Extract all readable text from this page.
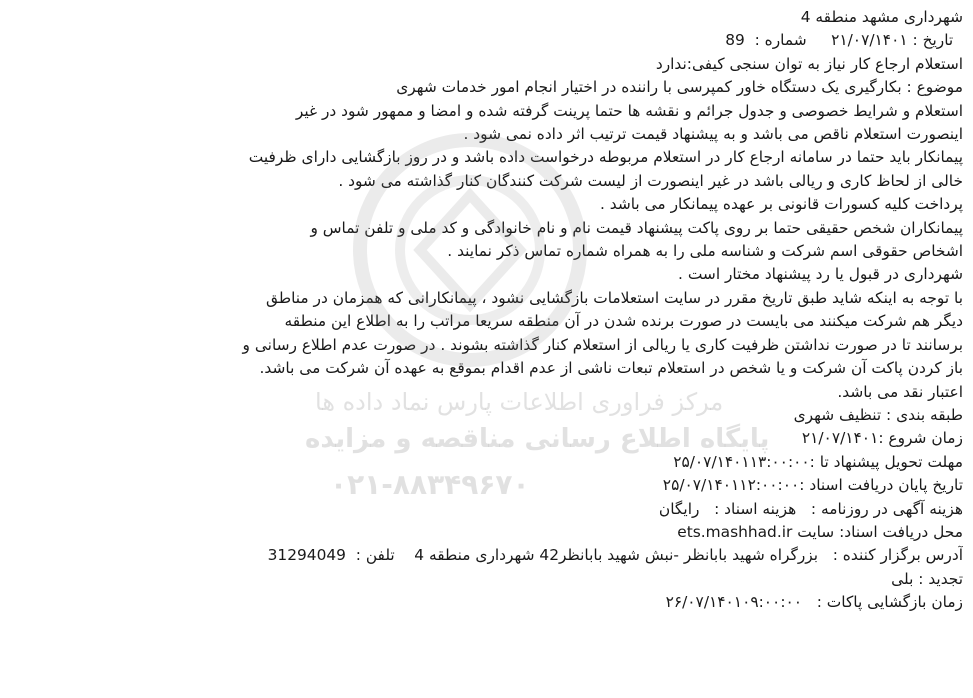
شهرداری مشهد منطقه 4
تاریخ : ۲۱/۰۷/۱۴۰۱     شماره :  89
استعلام ارجاع کار نیاز به توان سنجی کیفی:ندارد
موضوع : بکارگیری یک دستگاه خاور کمپرسی با راننده در اختیار انجام امور خدمات شهری
استعلام و شرایط خصوصی و جدول جرائم و نقشه ها حتما پرینت گرفته شده و امضا و ممهور شود در غیر
اینصورت استعلام ناقص می باشد و به پیشنهاد قیمت ترتیب اثر داده نمی شود .
پیمانکار باید حتما در سامانه ارجاع کار در استعلام مربوطه درخواست داده باشد و در روز بازگشایی دارای ظرفیت
خالی از لحاظ کاری و ریالی باشد در غیر اینصورت از لیست شرکت کنندگان کنار گذاشته می شود .
پرداخت کلیه کسورات قانونی بر عهده پیمانکار می باشد .
پیمانکاران شخص حقیقی حتما بر روی پاکت پیشنهاد قیمت نام و نام خانوادگی و کد ملی و تلفن تماس و
اشخاص حقوقی اسم شرکت و شناسه ملی را به همراه شماره تماس ذکر نمایند .
شهرداری در قبول یا رد پیشنهاد مختار است .
با توجه به اینکه شاید طبق تاریخ مقرر در سایت استعلامات بازگشایی نشود ، پیمانکارانی که همزمان در مناطق
دیگر هم شرکت میکنند می بایست در صورت برنده شدن در آن منطقه سریعا مراتب را به اطلاع این منطقه
برسانند تا در صورت نداشتن ظرفیت کاری یا ریالی از استعلام کنار گذاشته بشوند . در صورت عدم اطلاع رسانی و
باز کردن پاکت آن شرکت و یا شخص در استعلام تبعات ناشی از عدم اقدام بموقع به عهده آن شرکت می باشد.
اعتبار نقد می باشد.
طبقه بندی : تنظیف شهری
زمان شروع :۲۱/۰۷/۱۴۰۱
مهلت تحویل پیشنهاد تا :۲۵/۰۷/۱۴۰۱۱۳:۰۰:۰۰
تاریخ پایان دریافت اسناد :۲۵/۰۷/۱۴۰۱۱۲:۰۰:۰۰
هزینه آگهی در روزنامه :   هزینه اسناد :   رایگان
محل دریافت اسناد: سایت ets.mashhad.ir
آدرس برگزار کننده :   بزرگراه شهید بابانظر -نبش شهید بابانظر42 شهرداری منطقه 4    تلفن :  31294049
تجدید : بلی
زمان بازگشایی پاکات :   ۲۶/۰۷/۱۴۰۱۰۹:۰۰:۰۰
مرکز فراوری اطلاعات پارس نماد داده ها
پایگاه اطلاع رسانی مناقصه و مزایده
۰۲۱-۸۸۳۴۹۶۷۰
